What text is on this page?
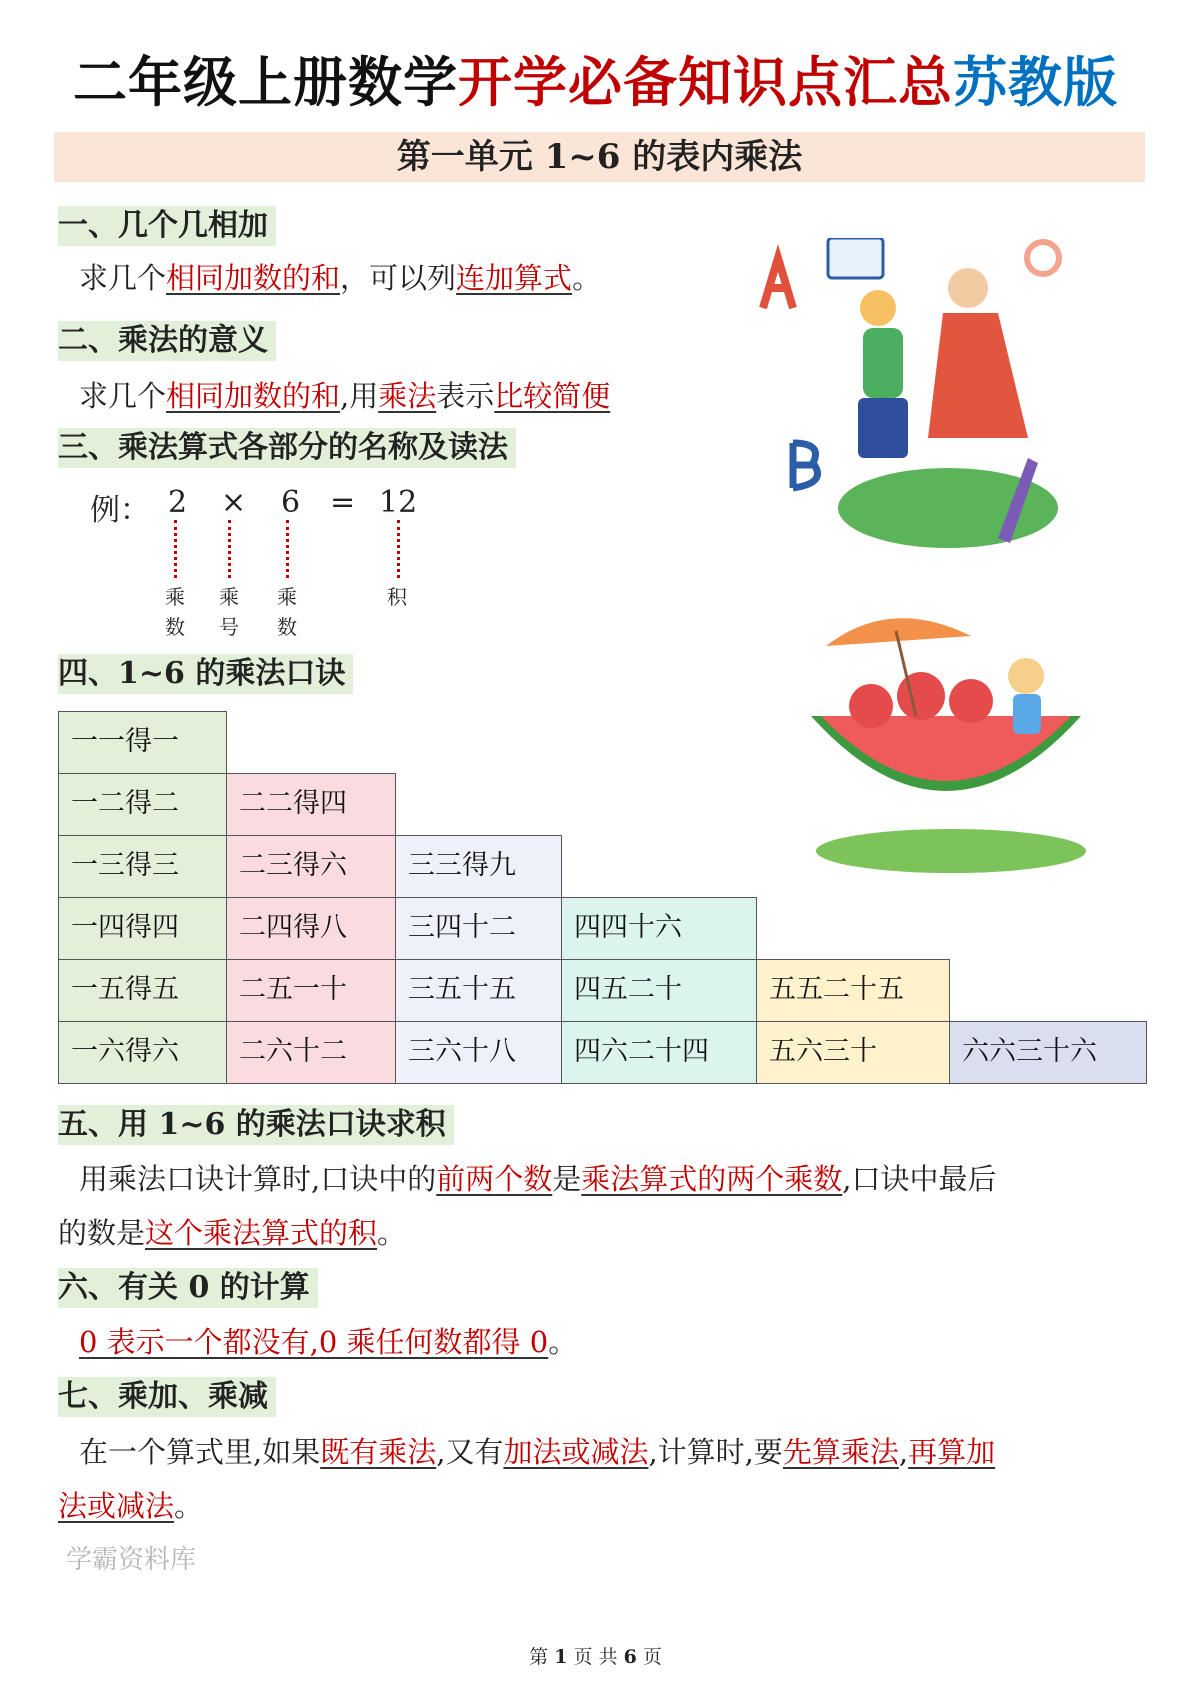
二年级上册数学开学必备知识点汇总苏教版
第一单元 1~6 的表内乘法
一、几个几相加
求几个相同加数的和，可以列连加算式。
二、乘法的意义
求几个相同加数的和,用乘法表示比较简便
三、乘法算式各部分的名称及读法
例： 2 × 6 = 12
乘
数
乘
号
乘
数
积
四、1~6 的乘法口诀
一一得一
一二得二	二二得四
一三得三	二三得六	三三得九
一四得四	二四得八	三四十二	四四十六
一五得五	二五一十	三五十五	四五二十	五五二十五
一六得六	二六十二	三六十八	四六二十四	五六三十	六六三十六
五、用 1~6 的乘法口诀求积
用乘法口诀计算时,口诀中的前两个数是乘法算式的两个乘数,口诀中最后
的数是这个乘法算式的积。
六、有关 0 的计算
0 表示一个都没有,0 乘任何数都得 0。
七、乘加、乘减
在一个算式里,如果既有乘法,又有加法或减法,计算时,要先算乘法,再算加
法或减法。
学霸资料库
第 1 页 共 6 页
